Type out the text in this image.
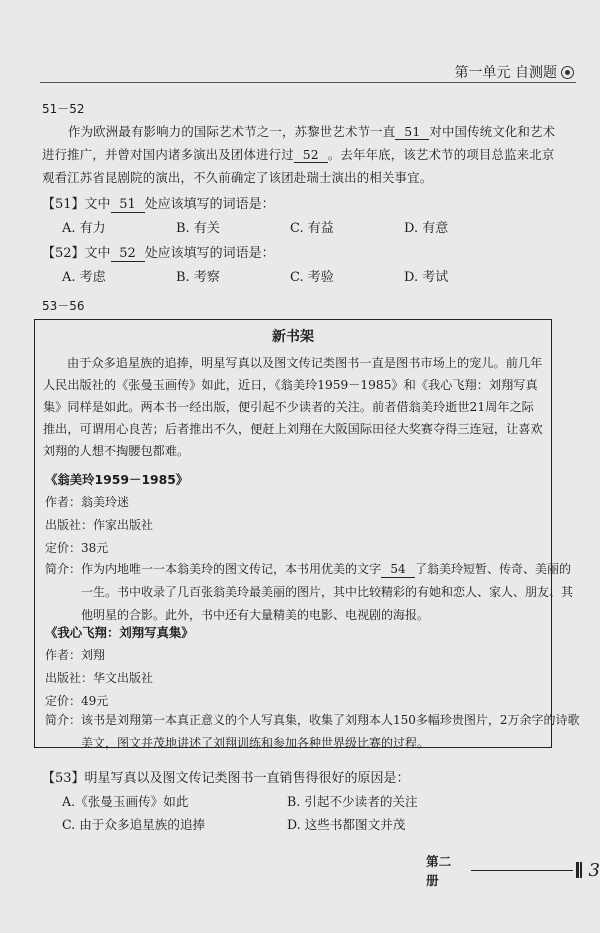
第一单元 自测题
51－52
作为欧洲最有影响力的国际艺术节之一，苏黎世艺术节一直 51 对中国传统文化和艺术进行推广，并曾对国内诸多演出及团体进行过 52 。去年年底，该艺术节的项目总监来北京观看江苏省昆剧院的演出，不久前确定了该团赴瑞士演出的相关事宜。
【51】文中 51 处应该填写的词语是：
A. 有力	B. 有关	C. 有益	D. 有意
【52】文中 52 处应该填写的词语是：
A. 考虑	B. 考察	C. 考验	D. 考试
53－56
新书架
由于众多追星族的追捧，明星写真以及图文传记类图书一直是图书市场上的宠儿。前几年人民出版社的《张曼玉画传》如此，近日，《翁美玲1959－1985》和《我心飞翔：刘翔写真集》同样是如此。两本书一经出版，便引起不少读者的关注。前者借翁美玲逝世21周年之际推出，可谓用心良苦；后者推出不久，便赶上刘翔在大阪国际田径大奖赛夺得三连冠，让喜欢刘翔的人想不掏腰包都难。
《翁美玲1959－1985》
作者：翁美玲迷
出版社：作家出版社
定价：38元
简介：作为内地唯一一本翁美玲的图文传记，本书用优美的文字 54 了翁美玲短暂、传奇、美丽的一生。书中收录了几百张翁美玲最美丽的图片，其中比较精彩的有她和恋人、家人、朋友、其他明星的合影。此外，书中还有大量精美的电影、电视剧的海报。
《我心飞翔：刘翔写真集》
作者：刘翔
出版社：华文出版社
定价：49元
简介：该书是刘翔第一本真正意义的个人写真集，收集了刘翔本人150多幅珍贵图片，2万余字的诗歌美文，图文并茂地讲述了刘翔训练和参加各种世界级比赛的过程。
【53】明星写真以及图文传记类图书一直销售得很好的原因是：
A.《张曼玉画传》如此	B. 引起不少读者的关注
C. 由于众多追星族的追捧	D. 这些书都图文并茂
第二册	3
